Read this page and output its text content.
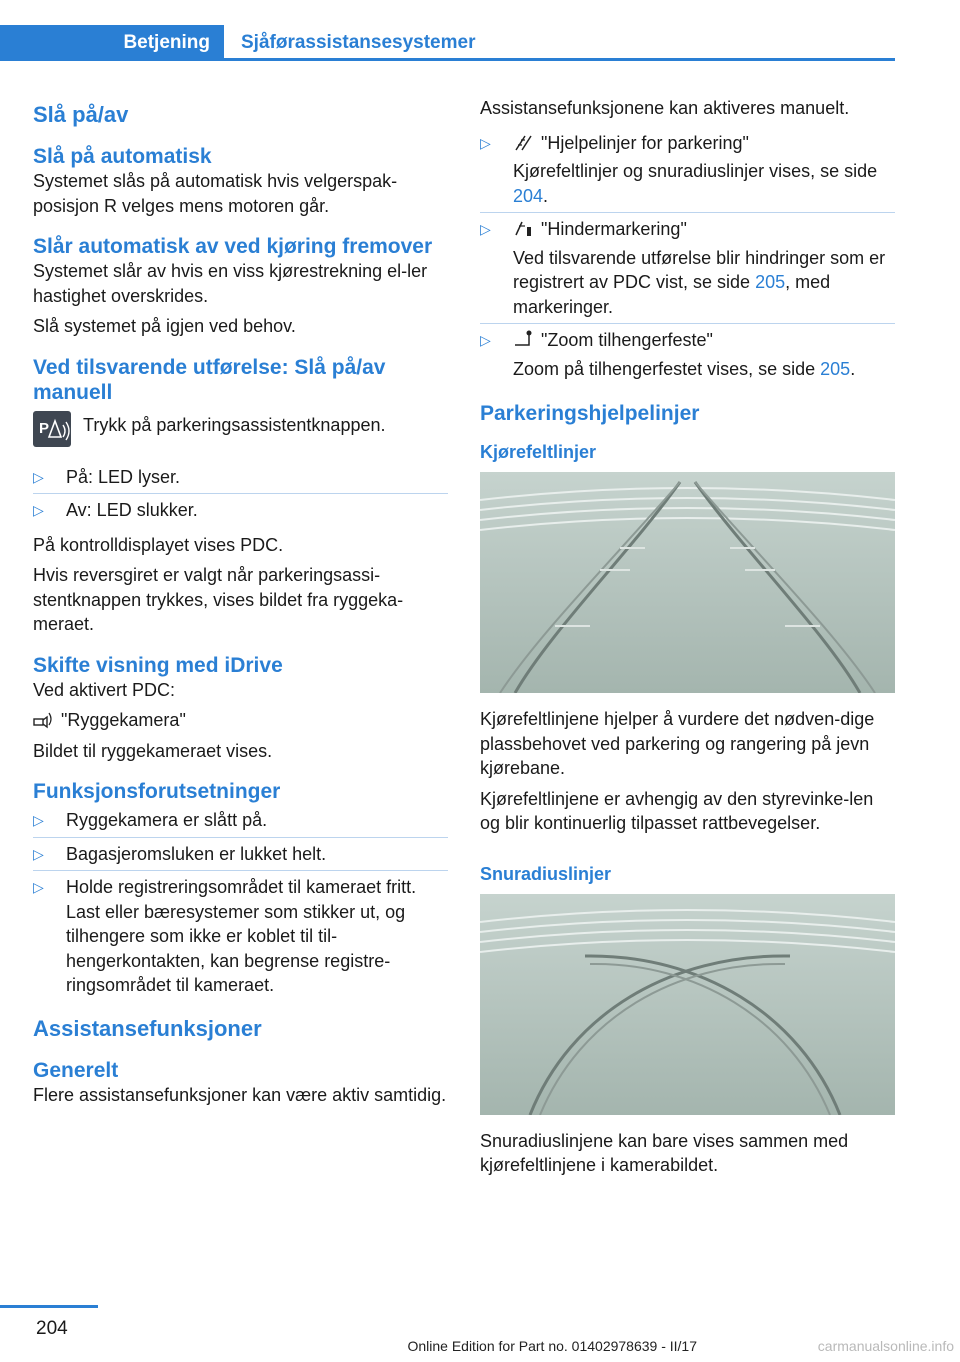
Betjening	Sjåførassistansesystemer
Slå på/av
Slå på automatisk

Systemet slås på automatisk hvis velgerspak-posisjon R velges mens motoren går.

Slår automatisk av ved kjøring fremover

Systemet slår av hvis en viss kjørestrekning el-ler hastighet overskrides.

Slå systemet på igjen ved behov.

Ved tilsvarende utførelse: Slå på/av manuell
P Trykk på parkeringsassistentknappen.
▷ På: LED lyser.
▷ Av: LED slukker.

På kontrolldisplayet vises PDC.

Hvis reversgiret er valgt når parkeringsassi-stentknappen trykkes, vises bildet fra ryggeka-meraet.

Skifte visning med iDrive

Ved aktivert PDC:

"Ryggekamera"

Bildet til ryggekameraet vises.

Funksjonsforutsetninger
▷ Ryggekamera er slått på.
▷ Bagasjeromsluken er lukket helt.
▷ Holde registreringsområdet til kameraet fritt. Last eller bæresystemer som stikker ut, og tilhengere som ikke er koblet til til-hengerkontakten, kan begrense registre-ringsområdet til kameraet.
Assistansefunksjoner
Generelt

Flere assistansefunksjoner kan være aktiv samtidig.

Assistansefunksjonene kan aktiveres manuelt.

▷	"Hjelpelinjer for parkering"
Kjørefeltlinjer og snuradiuslinjer vises, se side 204.
▷	"Hindermarkering"
Ved tilsvarende utførelse blir hindringer som er registrert av PDC vist, se side 205, med markeringer.
▷	"Zoom tilhengerfeste"
Zoom på tilhengerfestet vises, se side 205.
Parkeringshjelpelinjer
Kjørefeltlinjer

Kjørefeltlinjene hjelper å vurdere det nødven-dige plassbehovet ved parkering og rangering på jevn kjørebane.

Kjørefeltlinjene er avhengig av den styrevinke-len og blir kontinuerlig tilpasset rattbevegelser.

Snuradiuslinjer

Snuradiuslinjene kan bare vises sammen med kjørefeltlinjene i kamerabildet.

204
Online Edition for Part no. 01402978639 - II/17	carmanualsonline.info
